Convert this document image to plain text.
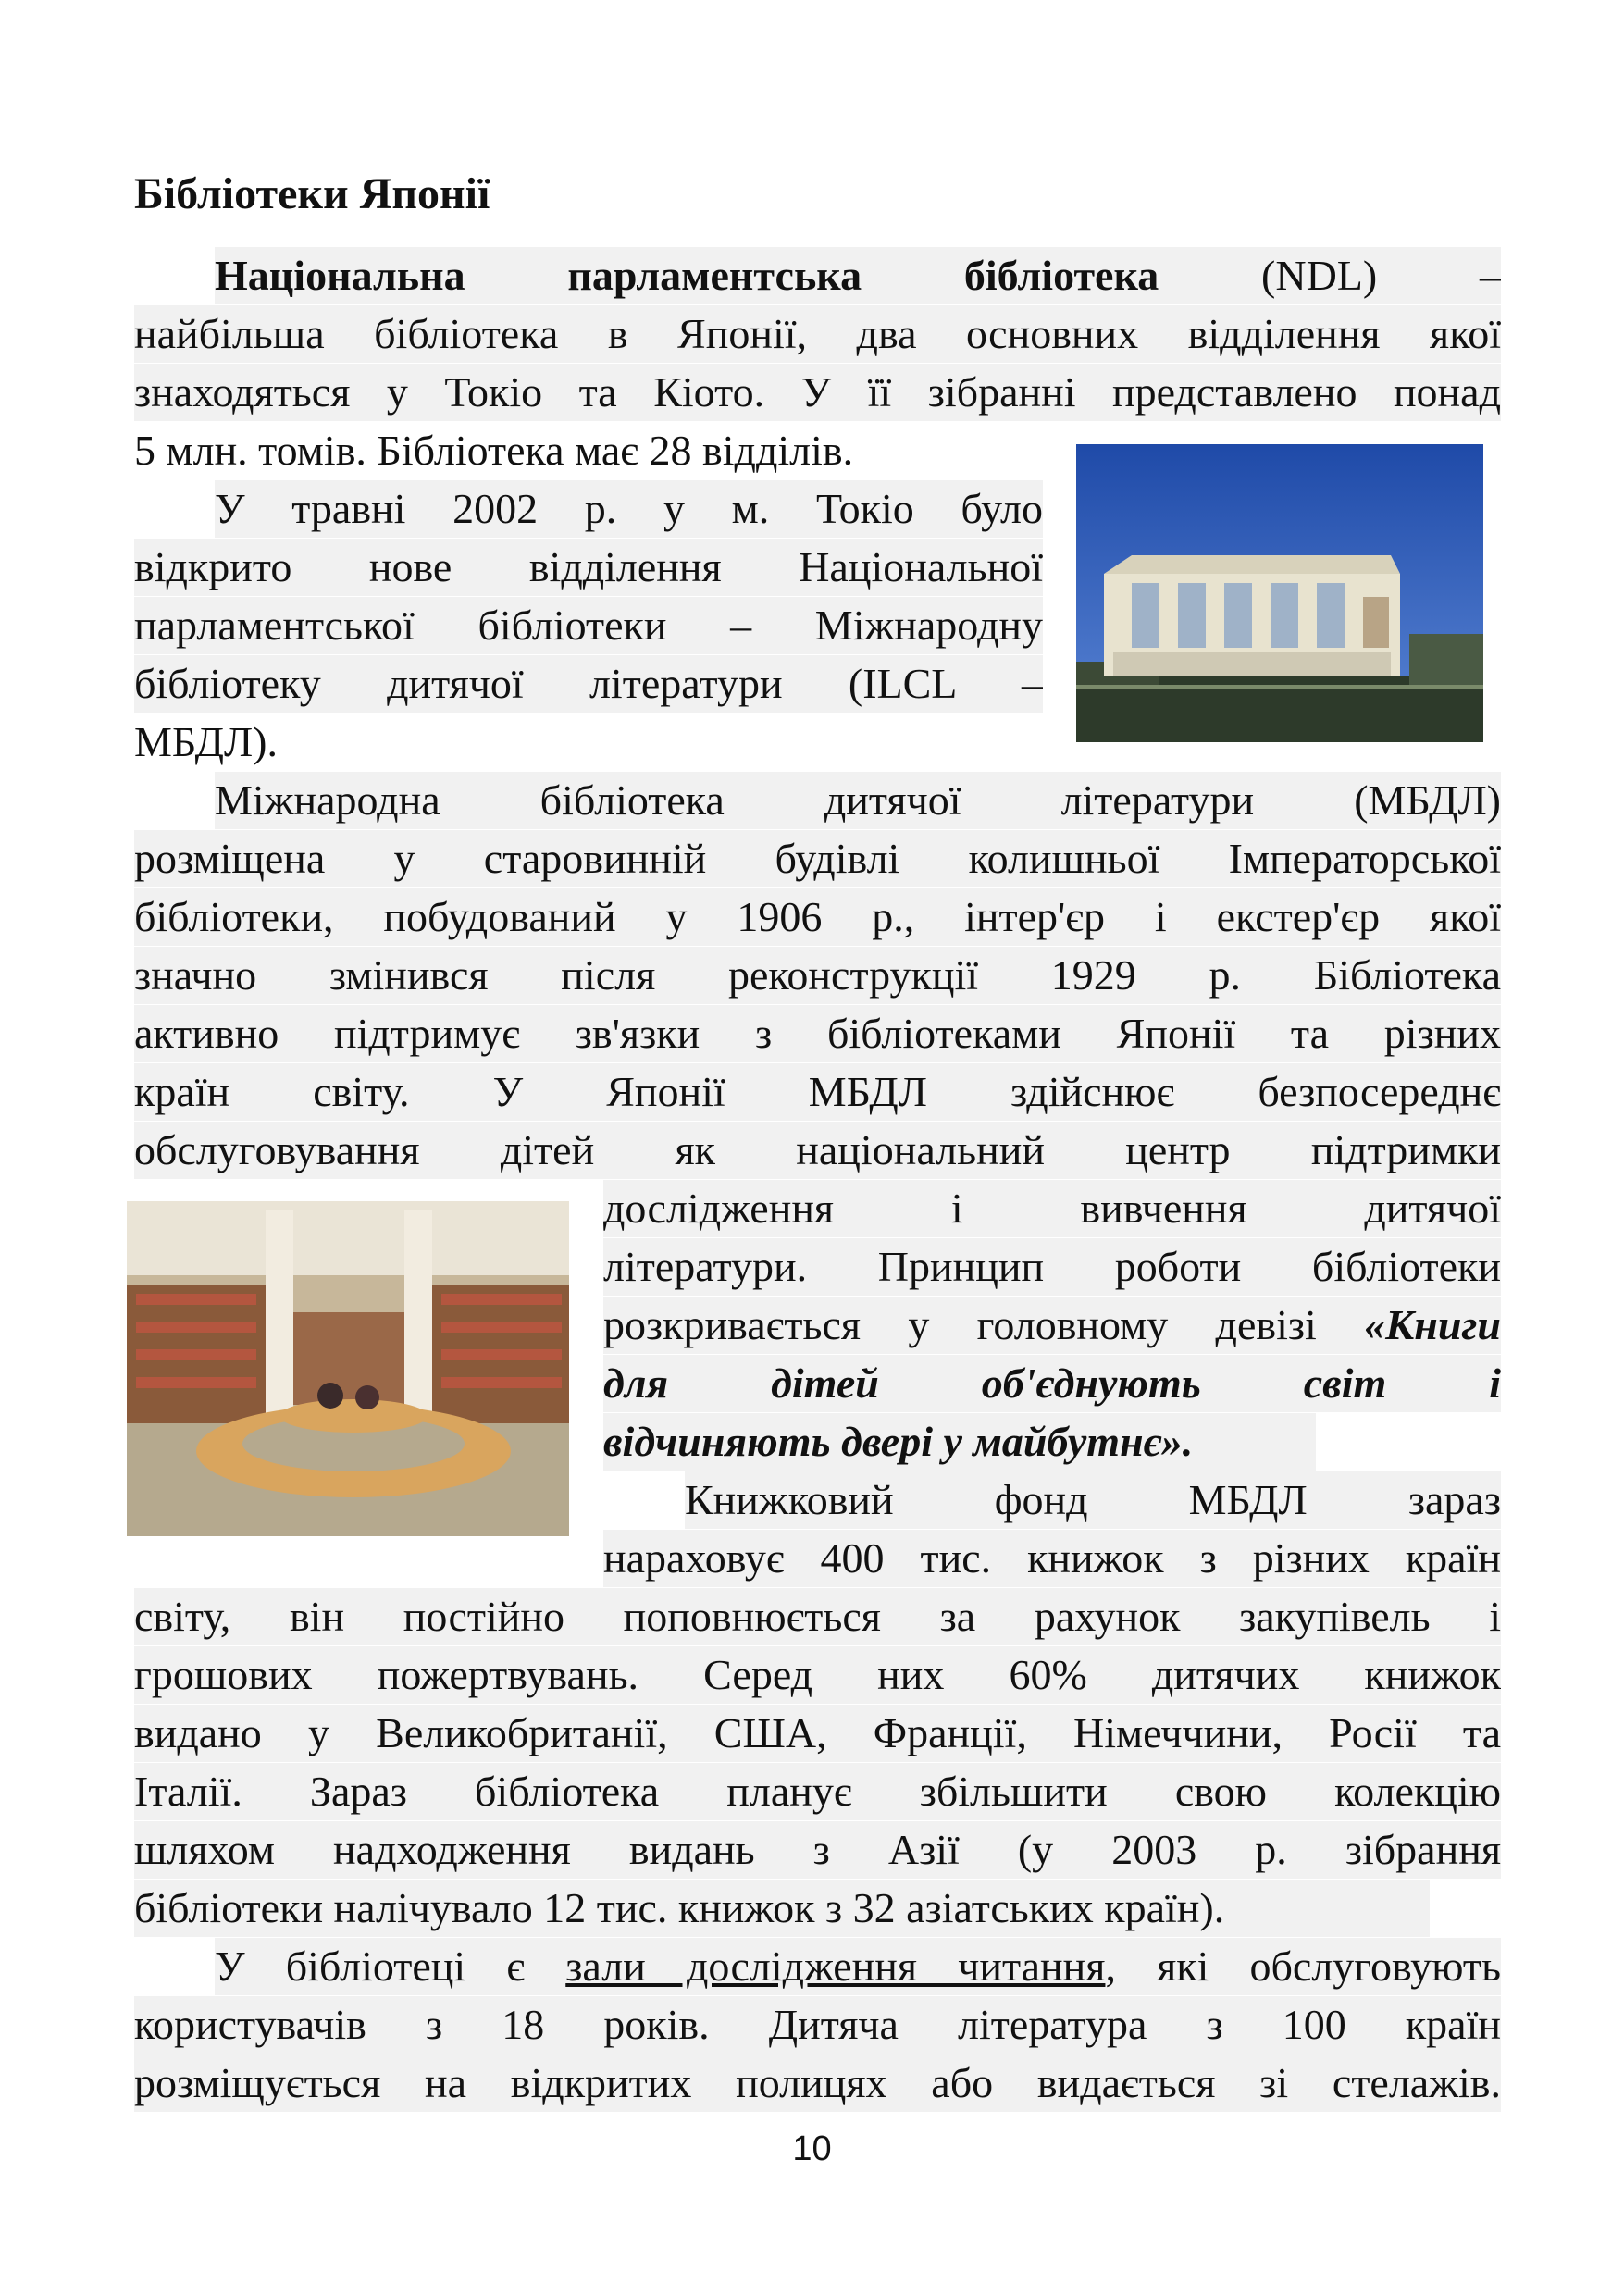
Бібліотеки Японії

Національна парламентська бібліотека (NDL) –

найбільша бібліотека в Японії, два основних відділення якої

знаходяться у Токіо та Кіото. У її зібранні представлено понад

5 млн. томів. Бібліотека має 28 відділів.

У травні 2002 р. у м. Токіо було

відкрито нове відділення Національної

парламентської бібліотеки – Міжнародну

бібліотеку дитячої літератури (ILCL –

МБДЛ).

Міжнародна бібліотека дитячої літератури (МБДЛ)

розміщена у старовинній будівлі колишньої Імператорської

бібліотеки, побудований у 1906 р., інтер'єр і екстер'єр якої

значно змінився після реконструкції 1929 р. Бібліотека

активно підтримує зв'язки з бібліотеками Японії та різних

країн світу. У Японії МБДЛ здійснює безпосереднє

обслуговування дітей як національний центр підтримки

дослідження і вивчення дитячої

літератури. Принцип роботи бібліотеки

розкривається у головному девізі «Книги

для дітей об'єднують світ і

відчиняють двері у майбутнє».

Книжковий фонд МБДЛ зараз

нараховує 400 тис. книжок з різних країн

світу, він постійно поповнюється за рахунок закупівель і

грошових пожертвувань. Серед них 60% дитячих книжок

видано у Великобританії, США, Франції, Німеччини, Росії та

Італії. Зараз бібліотека планує збільшити свою колекцію

шляхом надходження видань з Азії (у 2003 р. зібрання

бібліотеки налічувало 12 тис. книжок з 32 азіатських країн).

У бібліотеці є зали дослідження читання, які обслуговують

користувачів з 18 років. Дитяча література з 100 країн

розміщується на відкритих полицях або видається зі стелажів.

10
